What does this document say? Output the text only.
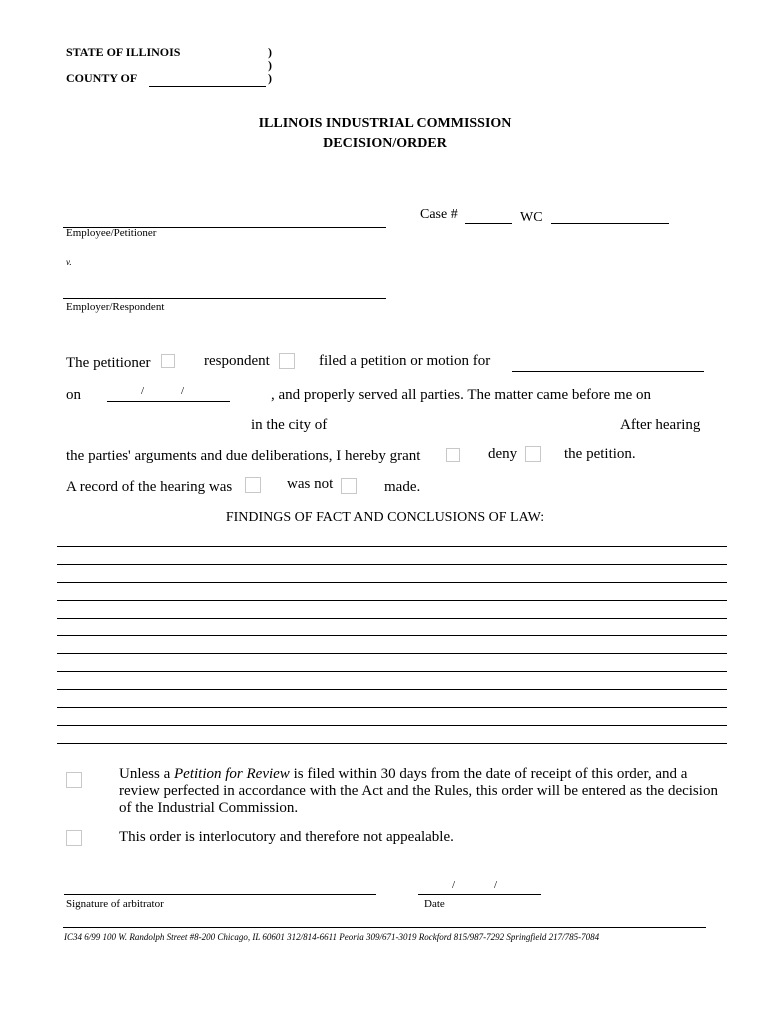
STATE OF ILLINOIS	)
)
COUNTY OF	)
ILLINOIS INDUSTRIAL COMMISSION
DECISION/ORDER
Employee/Petitioner
v.
Employer/Respondent
Case #	WC
The petitioner	respondent	filed a petition or motion for
on	/	/	, and properly served all parties. The matter came before me on
in the city of	After hearing
the parties' arguments and due deliberations, I hereby grant	deny	the petition.
A record of the hearing was	was not	made.
FINDINGS OF FACT AND CONCLUSIONS OF LAW:
Unless a Petition for Review is filed within 30 days from the date of receipt of this order, and a review perfected in accordance with the Act and the Rules, this order will be entered as the decision of the Industrial Commission.
This order is interlocutory and therefore not appealable.
Signature of arbitrator
/	/
Date
IC34 6/99 100 W. Randolph Street #8-200 Chicago, IL 60601 312/814-6611 Peoria 309/671-3019 Rockford 815/987-7292 Springfield 217/785-7084
